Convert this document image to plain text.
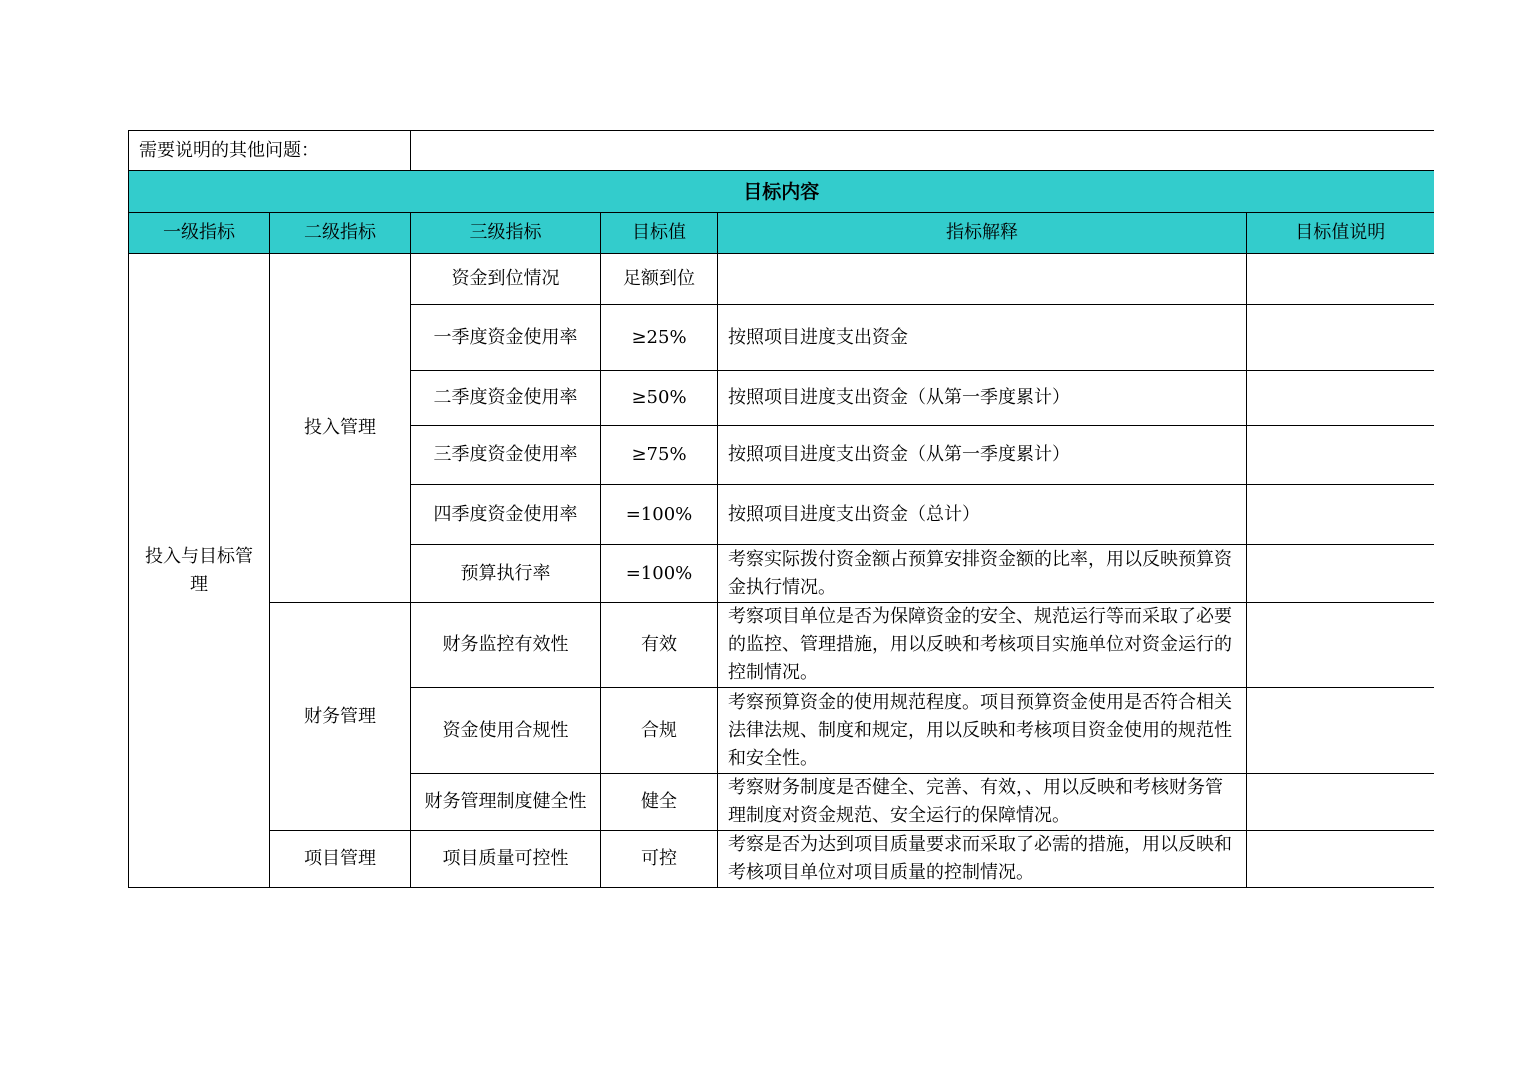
需要说明的其他问题：					
目标内容					
一级指标	二级指标	三级指标	目标值	指标解释	目标值说明
投入与目标管理	投入管理	资金到位情况	足额到位		
		一季度资金使用率	≥25%	按照项目进度支出资金	
		二季度资金使用率	≥50%	按照项目进度支出资金（从第一季度累计）	
		三季度资金使用率	≥75%	按照项目进度支出资金（从第一季度累计）	
		四季度资金使用率	=100%	按照项目进度支出资金（总计）	
		预算执行率	=100%	考察实际拨付资金额占预算安排资金额的比率，用以反映预算资金执行情况。	
	财务管理	财务监控有效性	有效	考察项目单位是否为保障资金的安全、规范运行等而采取了必要的监控、管理措施，用以反映和考核项目实施单位对资金运行的控制情况。	
		资金使用合规性	合规	考察预算资金的使用规范程度。项目预算资金使用是否符合相关法律法规、制度和规定，用以反映和考核项目资金使用的规范性和安全性。	
		财务管理制度健全性	健全	考察财务制度是否健全、完善、有效，、用以反映和考核财务管理制度对资金规范、安全运行的保障情况。	
	项目管理	项目质量可控性	可控	考察是否为达到项目质量要求而采取了必需的措施，用以反映和考核项目单位对项目质量的控制情况。	
